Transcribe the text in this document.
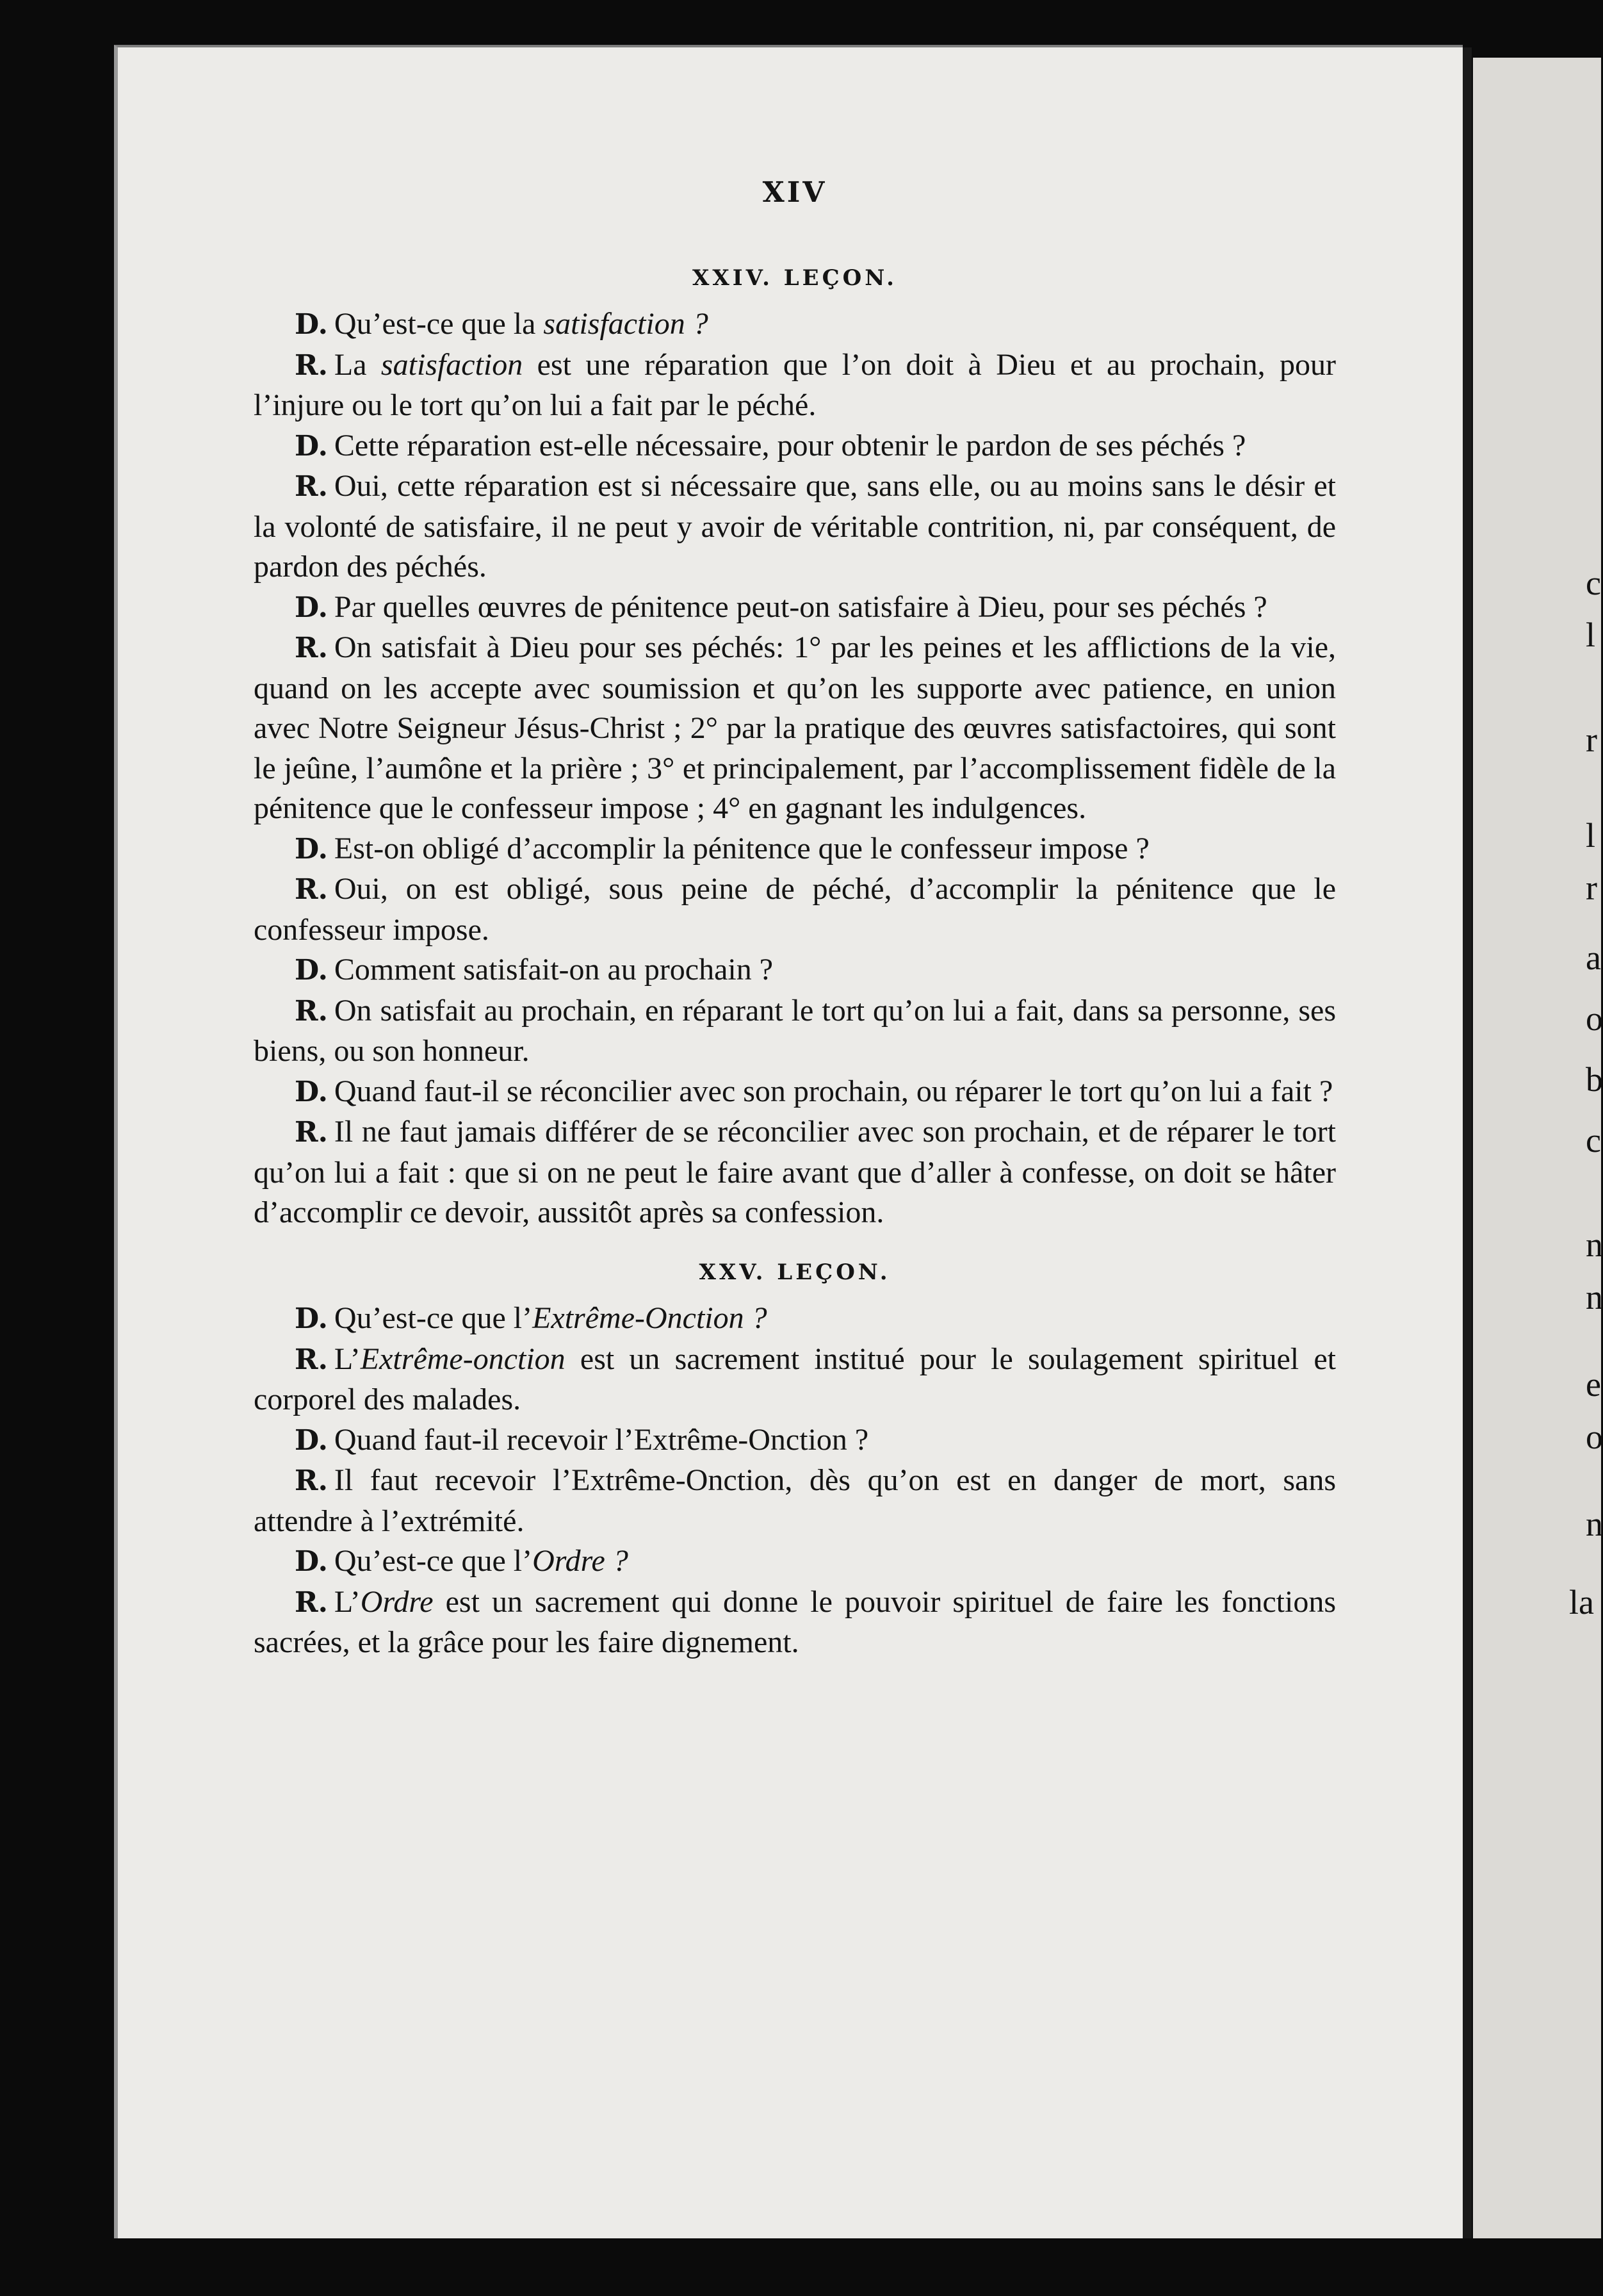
c
l
r
l
r
a
o
b
c
n
n
e
o
n
la
XIV
XXIV. LEÇON.

D. Qu’est-ce que la satisfaction ?

R. La satisfaction est une réparation que l’on doit à Dieu et au prochain, pour l’injure ou le tort qu’on lui a fait par le péché.

D. Cette réparation est-elle nécessaire, pour obtenir le pardon de ses péchés ?

R. Oui, cette réparation est si nécessaire que, sans elle, ou au moins sans le désir et la volonté de satisfaire, il ne peut y avoir de véritable contrition, ni, par conséquent, de pardon des péchés.

D. Par quelles œuvres de pénitence peut-on satisfaire à Dieu, pour ses péchés ?

R. On satisfait à Dieu pour ses péchés: 1° par les peines et les afflictions de la vie, quand on les accepte avec soumission et qu’on les supporte avec patience, en union avec Notre Seigneur Jésus-Christ ; 2° par la pratique des œuvres satisfactoires, qui sont le jeûne, l’aumône et la prière ; 3° et principalement, par l’accomplissement fidèle de la pénitence que le confesseur impose ; 4° en gagnant les indulgences.

D. Est-on obligé d’accomplir la pénitence que le confesseur impose ?

R. Oui, on est obligé, sous peine de péché, d’accomplir la pénitence que le confesseur impose.

D. Comment satisfait-on au prochain ?

R. On satisfait au prochain, en réparant le tort qu’on lui a fait, dans sa personne, ses biens, ou son honneur.

D. Quand faut-il se réconcilier avec son prochain, ou réparer le tort qu’on lui a fait ?

R. Il ne faut jamais différer de se réconcilier avec son prochain, et de réparer le tort qu’on lui a fait : que si on ne peut le faire avant que d’aller à confesse, on doit se hâter d’accomplir ce devoir, aussitôt après sa confession.

XXV. LEÇON.

D. Qu’est-ce que l’Extrême-Onction ?

R. L’Extrême-onction est un sacrement institué pour le soulagement spirituel et corporel des malades.

D. Quand faut-il recevoir l’Extrême-Onction ?

R. Il faut recevoir l’Extrême-Onction, dès qu’on est en danger de mort, sans attendre à l’extrémité.

D. Qu’est-ce que l’Ordre ?

R. L’Ordre est un sacrement qui donne le pouvoir spirituel de faire les fonctions sacrées, et la grâce pour les faire dignement.
